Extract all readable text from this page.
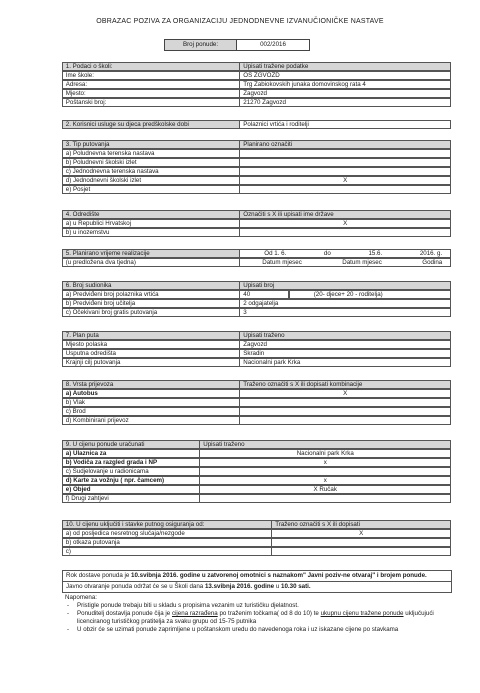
OBRAZAC POZIVA ZA ORGANIZACIJU JEDNODNEVNE IZVANUČIONIČKE NASTAVE
Broj ponude:	002/2016
1. Podaci o školi:	Upisati tražene podatke
Ime škole:	OŠ ZGVOZD
Adresa:	Trg Zabiokovskih junaka domovinskog rata 4
Mjesto:	Zagvozd
Poštanski broj:	21270 Zagvozd
2. Korisnici usluge su djeca predškolske dobi	Polaznici vrtića i roditelji
3. Tip putovanja	Planirano označiti
a) Poludnevna terenska nastava
b) Poludnevni školski izlet
c) Jednodnevna terenska nastava
d) Jednodnevni školski izlet	X
e) Posjet
4. Odredište	Označiti s X ili upisati ime države
a) u Republici Hrvatskoj	X
b) u inozemstvu
5. Planirano vrijeme realizacije	Od 1. 6.	do	15.6.	2016. g.
(u predložena dva tjedna)	Datum mjesec	Datum mjesec	Godina
6. Broj sudionika	Upisati broj
a) Predviđeni broj polaznika vrtića	40	(20- djece+ 20 - roditelja)
b) Predviđeni broj učitelja	2 odgajatelja
c) Očekivani broj gratis putovanja	3
7. Plan puta	Upisati traženo
Mjesto polaska	Zagvozd
Usputna odredišta	Skradin
Krajnji cilj putovanja	Nacionalni park Krka
8. Vrsta prijevoza	Traženo označiti s X ili dopisati kombinacije
a) Autobus	X
b) Vlak
c) Brod
d) Kombinirani prijevoz
9. U cijenu ponude uračunati	Upisati traženo
a) Ulaznica za	Nacionalni park Krka
b) Vodiča za razgled grada i NP	x
c) Sudjelovanje u radionicama
d) Karte za vožnju ( npr. čamcem)	x
e) Objed	X Ručak
f) Drugi zahtjevi
10. U cijenu uključiti i stavke putnog osiguranja od:	Traženo označiti s X ili dopisati
a) od posljedica nesretnog slučaja/nezgode	X
b) otkaza putovanja
c)
Rok dostave ponuda je 10.svibnja 2016. godine u zatvorenoj omotnici s naznakom" Javni poziv-ne otvaraj" i brojem ponude.
Javno otvaranje ponuda održat će se u Školi dana 13.svibnja 2016. godine u 10.30 sati.
Napomena:
- Pristigle ponude trebaju biti u skladu s propisima vezanim uz turističku djelatnost.
- Ponuditelj dostavlja ponude čija je cijena razrađena po traženim točkama( od 8 do 10) te ukupnu cijenu tražene ponude uključujući licenciranog turističkog pratitelja za svaku grupu od 15-75 putnika
- U obzir će se uzimati ponude zaprimljene u poštanskom uredu do navedenoga roka i uz iskazane cijene po stavkama
